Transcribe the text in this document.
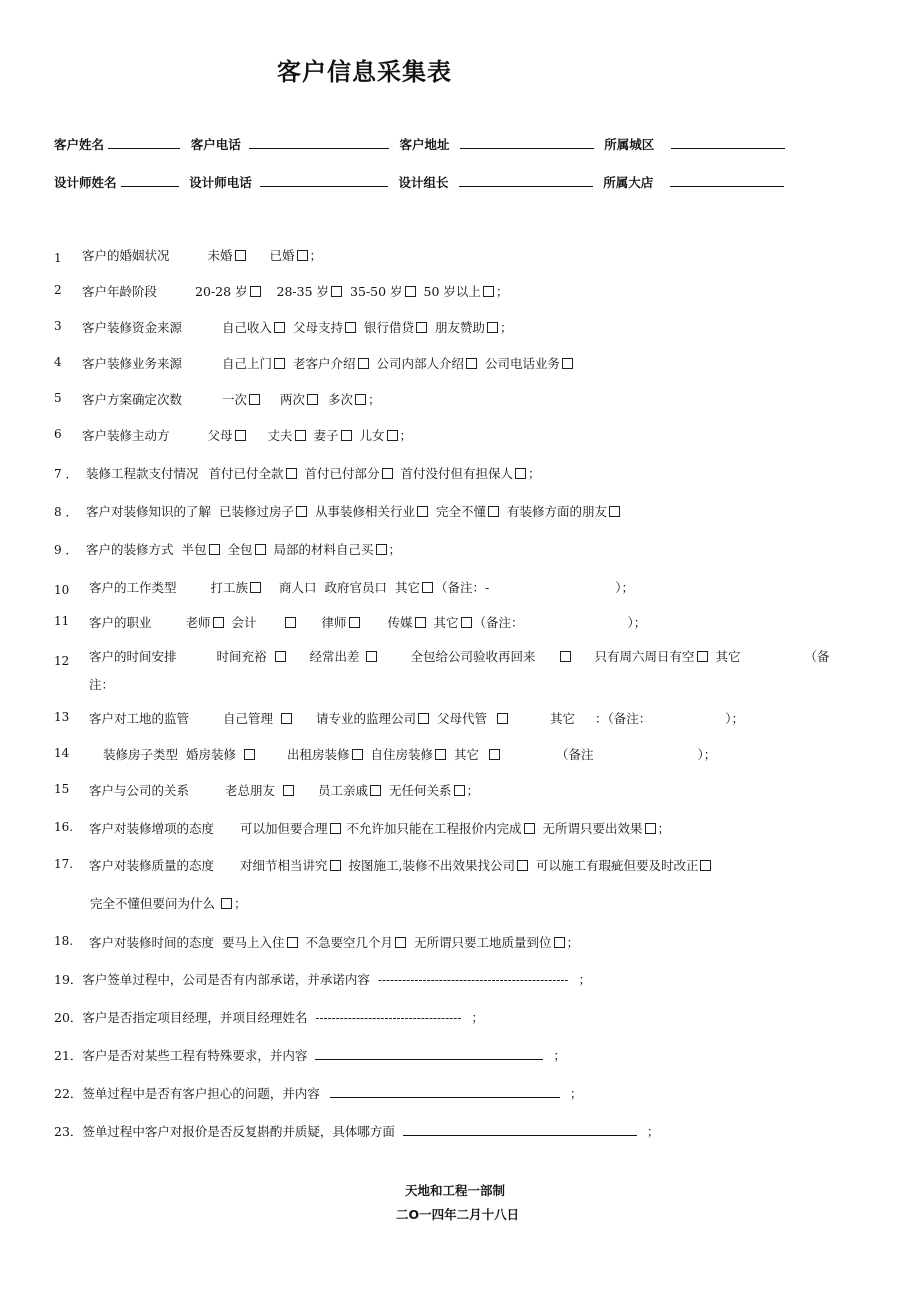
客户信息采集表
客户姓名	客户电话	客户地址	所属城区
设计师姓名	设计师电话	设计组长	所属大店
1 客户的婚姻状况	未婚	已婚 ；
2 客户年龄阶段	20-28 岁 28-35 岁 35-50 岁 50 岁以上 ；
3 客户装修资金来源	自己收入 父母支持 银行借贷 朋友赞助 ；
4 客户装修业务来源	自己上门 老客户介绍 公司内部人介绍 公司电话业务
5 客户方案确定次数	一次	两次 多次 ；
6 客户装修主动方	父母	丈夫 妻子 儿女 ；
7 ． 装修工程款支付情况 首付已付全款 首付已付部分 首付没付但有担保人 ；
8 ． 客户对装修知识的了解 已装修过房子 从事装修相关行业 完全不懂 有装修方面的朋友
9 ． 客户的装修方式 半包 全包 局部的材料自己买 ；
10 客户的工作类型	打工族 商人口 政府官员口 其它 （备注：-	）；
11 客户的职业	老师 会计	律师	传媒 其它 （备注：	）；
12 客户的时间安排	时间充裕	经常出差	全包给公司验收再回来	只有周六周日有空 其它	（备
注：
13 客户对工地的监管	自己管理	请专业的监理公司 父母代管	其它 ：（备注：	）；
14	装修房子类型 婚房装修	出租房装修 自住房装修 其它	（备注	）；
15 客户与公司的关系	老总朋友	员工亲戚 无任何关系 ；
16. 客户对装修增项的态度 可以加但要合理 不允许加只能在工程报价内完成 无所谓只要出效果 ；
17. 客户对装修质量的态度 对细节相当讲究 按图施工,装修不出效果找公司 可以施工有瑕疵但要及时改正
完全不懂但要问为什么 ；
18. 客户对装修时间的态度 要马上入住 不急要空几个月 无所谓只要工地质量到位 ；
19．客户签单过程中，公司是否有内部承诺，并承诺内容 ----------------------------------------------- ；
20．客户是否指定项目经理，并项目经理姓名 ------------------------------------ ；
21．客户是否对某些工程有特殊要求，并内容	；
22．签单过程中是否有客户担心的问题，并内容	；
23．签单过程中客户对报价是否反复斟酌并质疑，具体哪方面	；
天地和工程一部制
二O一四年二月十八日
